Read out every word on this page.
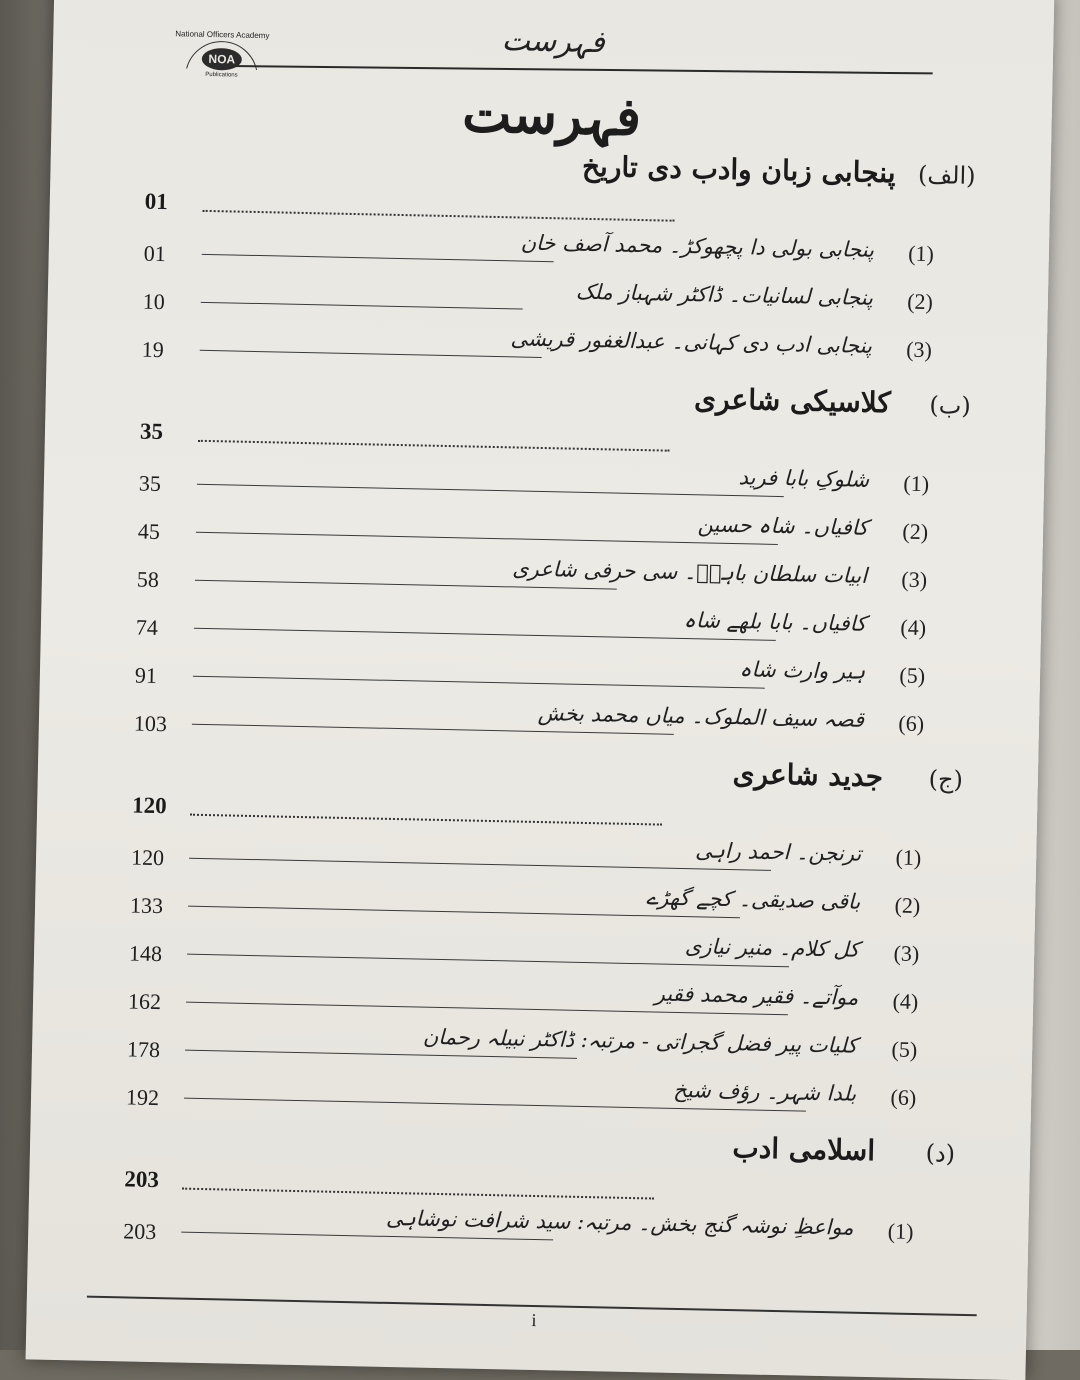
National Officers Academy
NOA
Publications
فہرست
فہرست
(الف)
پنجابی زبان وادب دی تاریخ
01
(1)
پنجابی بولی دا پچھوکڑ۔ محمد آصف خان
01
(2)
پنجابی لسانیات۔ ڈاکٹر شہباز ملک
10
(3)
پنجابی ادب دی کہانی۔ عبدالغفور قریشی
19
(ب)
کلاسیکی شاعری
35
(1)
شلوکِ بابا فرید
35
(2)
کافیاں۔ شاہ حسین
45
(3)
ابیات سلطان باہوؒ۔ سی حرفی شاعری
58
(4)
کافیاں۔ بابا بلھے شاہ
74
(5)
ہیر وارث شاہ
91
(6)
قصہ سیف الملوک۔ میاں محمد بخش
103
(ج)
جدید شاعری
120
(1)
ترنجن۔ احمد راہی
120
(2)
باقی صدیقی۔ کچے گھڑے
133
(3)
کل کلام۔ منیر نیازی
148
(4)
موآتے۔ فقیر محمد فقیر
162
(5)
کلیات پیر فضل گجراتی - مرتبہ: ڈاکٹر نبیلہ رحمان
178
(6)
بلدا شہر۔ رؤف شیخ
192
(د)
اسلامی ادب
203
(1)
مواعظِ نوشہ گنج بخش۔ مرتبہ: سید شرافت نوشاہی
203
i
